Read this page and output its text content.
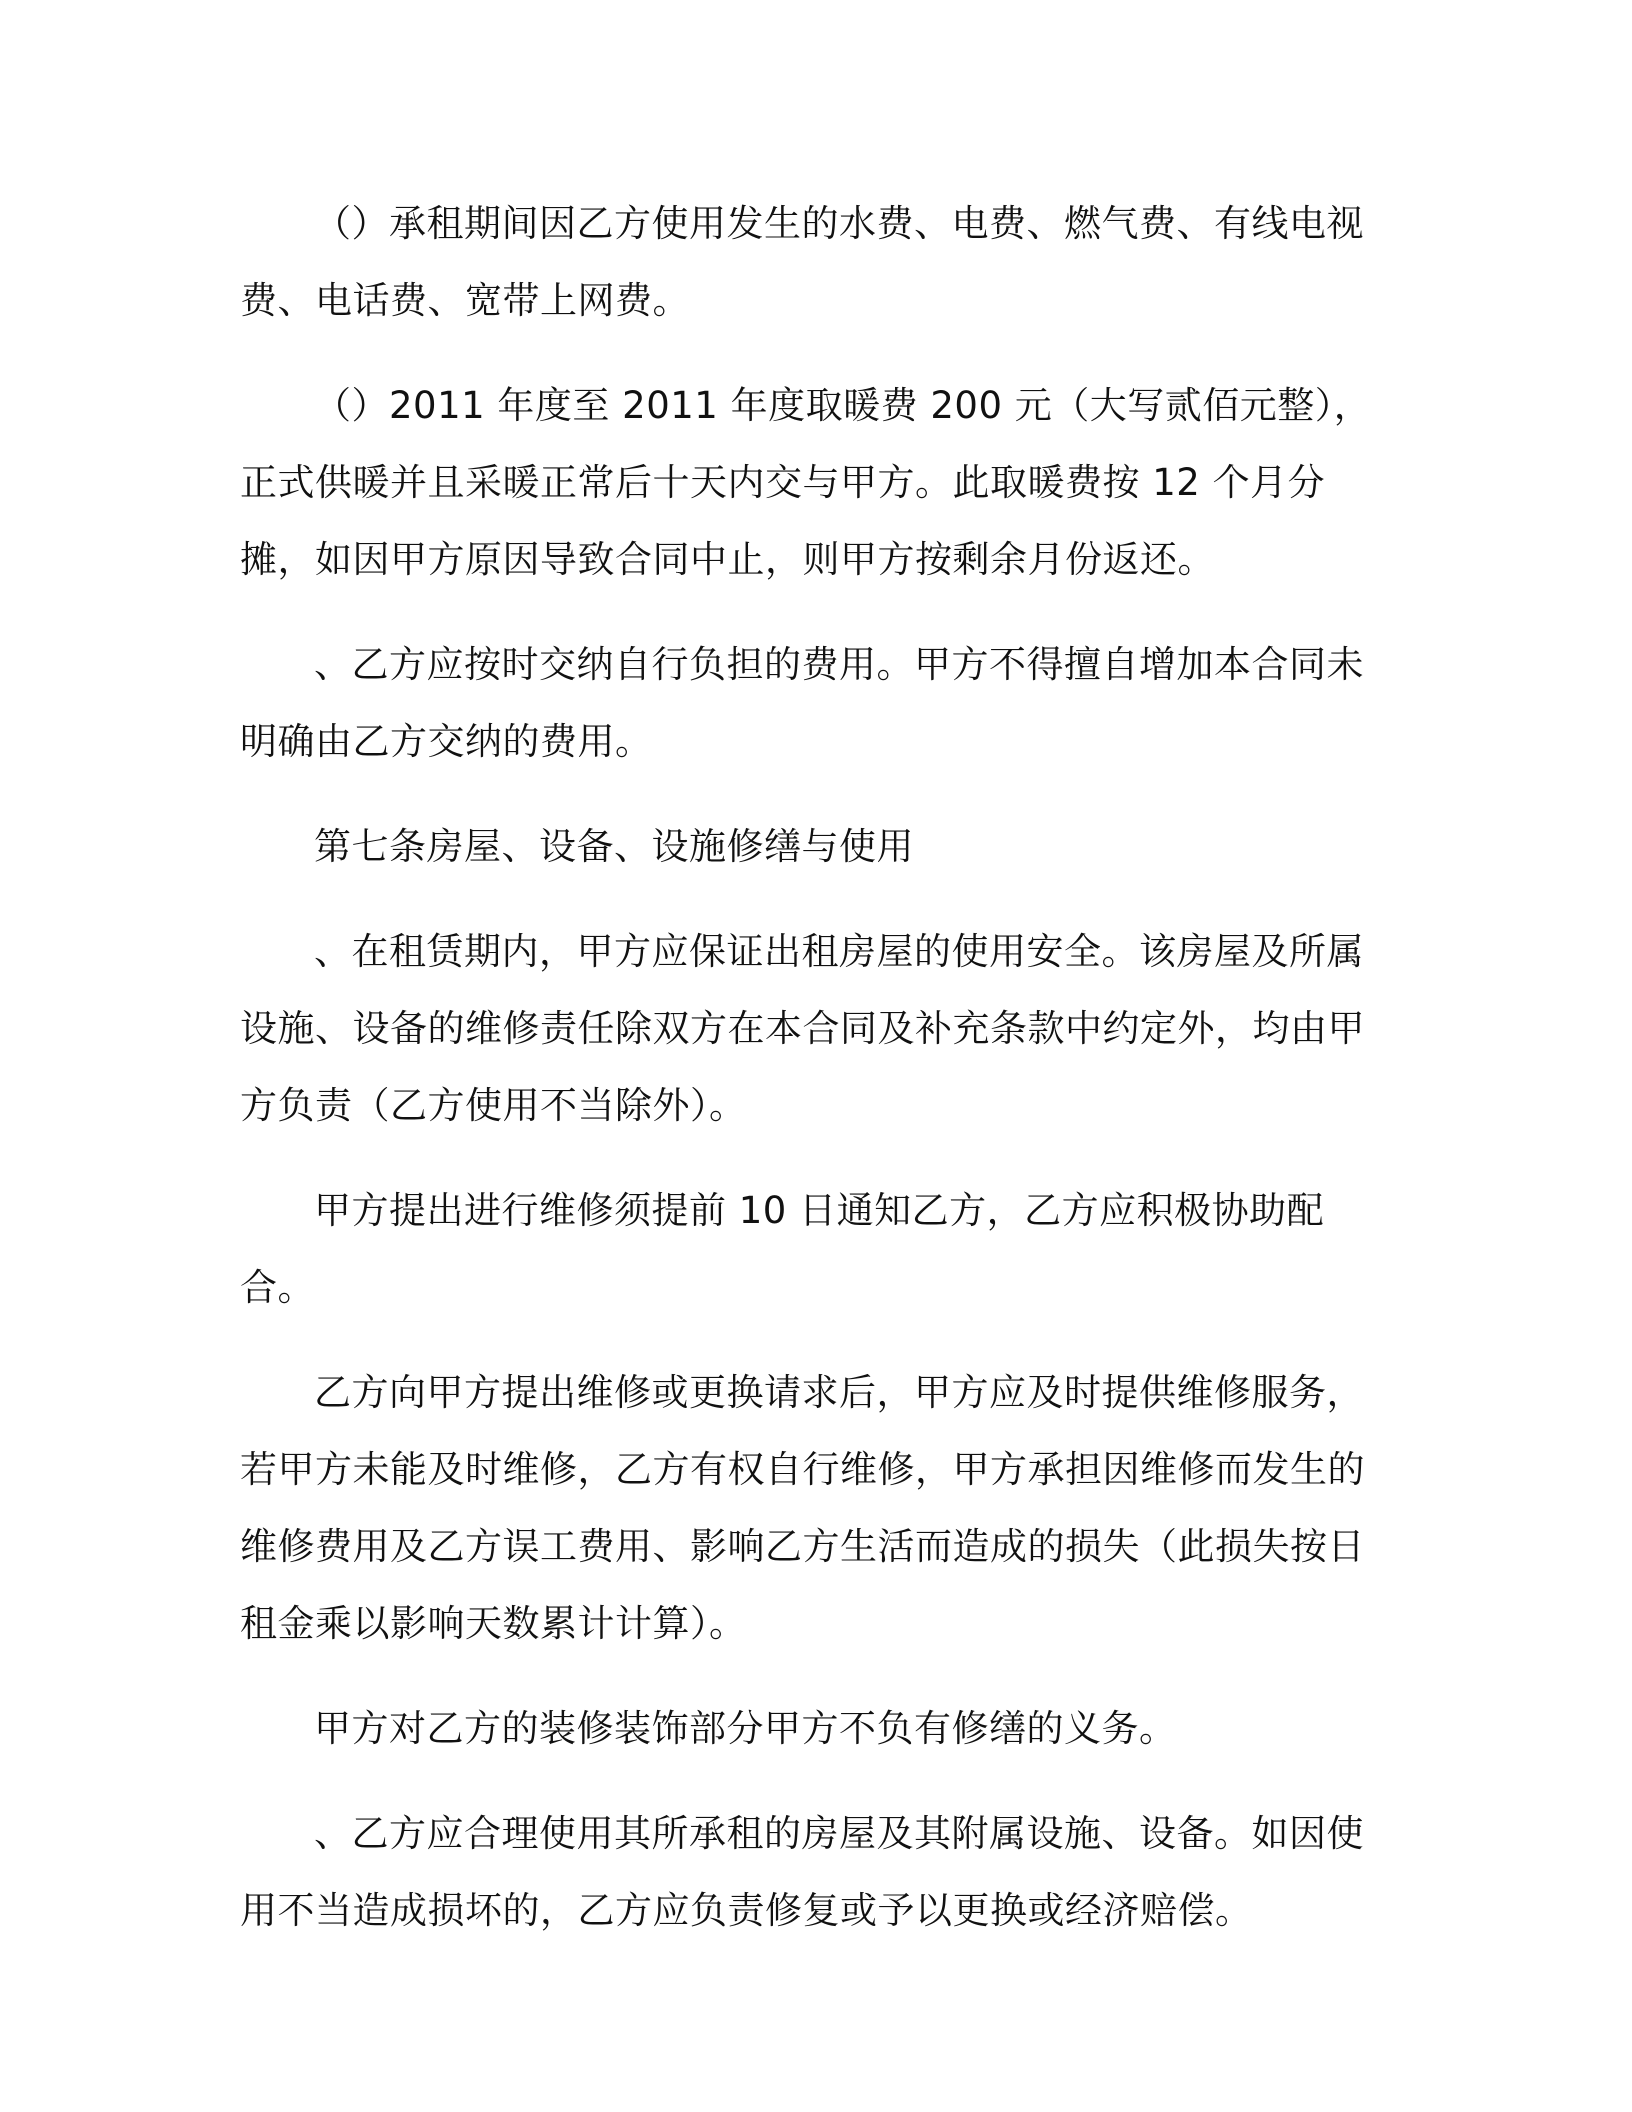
（）承租期间因乙方使用发生的水费、电费、燃气费、有线电视费、电话费、宽带上网费。

（）2011 年度至 2011 年度取暖费 200 元（大写贰佰元整），正式供暖并且采暖正常后十天内交与甲方。此取暖费按 12 个月分摊，如因甲方原因导致合同中止，则甲方按剩余月份返还。

、乙方应按时交纳自行负担的费用。甲方不得擅自增加本合同未明确由乙方交纳的费用。

第七条房屋、设备、设施修缮与使用

、在租赁期内，甲方应保证出租房屋的使用安全。该房屋及所属设施、设备的维修责任除双方在本合同及补充条款中约定外，均由甲方负责（乙方使用不当除外）。

甲方提出进行维修须提前 10 日通知乙方，乙方应积极协助配合。

乙方向甲方提出维修或更换请求后，甲方应及时提供维修服务，若甲方未能及时维修，乙方有权自行维修，甲方承担因维修而发生的维修费用及乙方误工费用、影响乙方生活而造成的损失（此损失按日租金乘以影响天数累计计算）。

甲方对乙方的装修装饰部分甲方不负有修缮的义务。

、乙方应合理使用其所承租的房屋及其附属设施、设备。如因使用不当造成损坏的，乙方应负责修复或予以更换或经济赔偿。
